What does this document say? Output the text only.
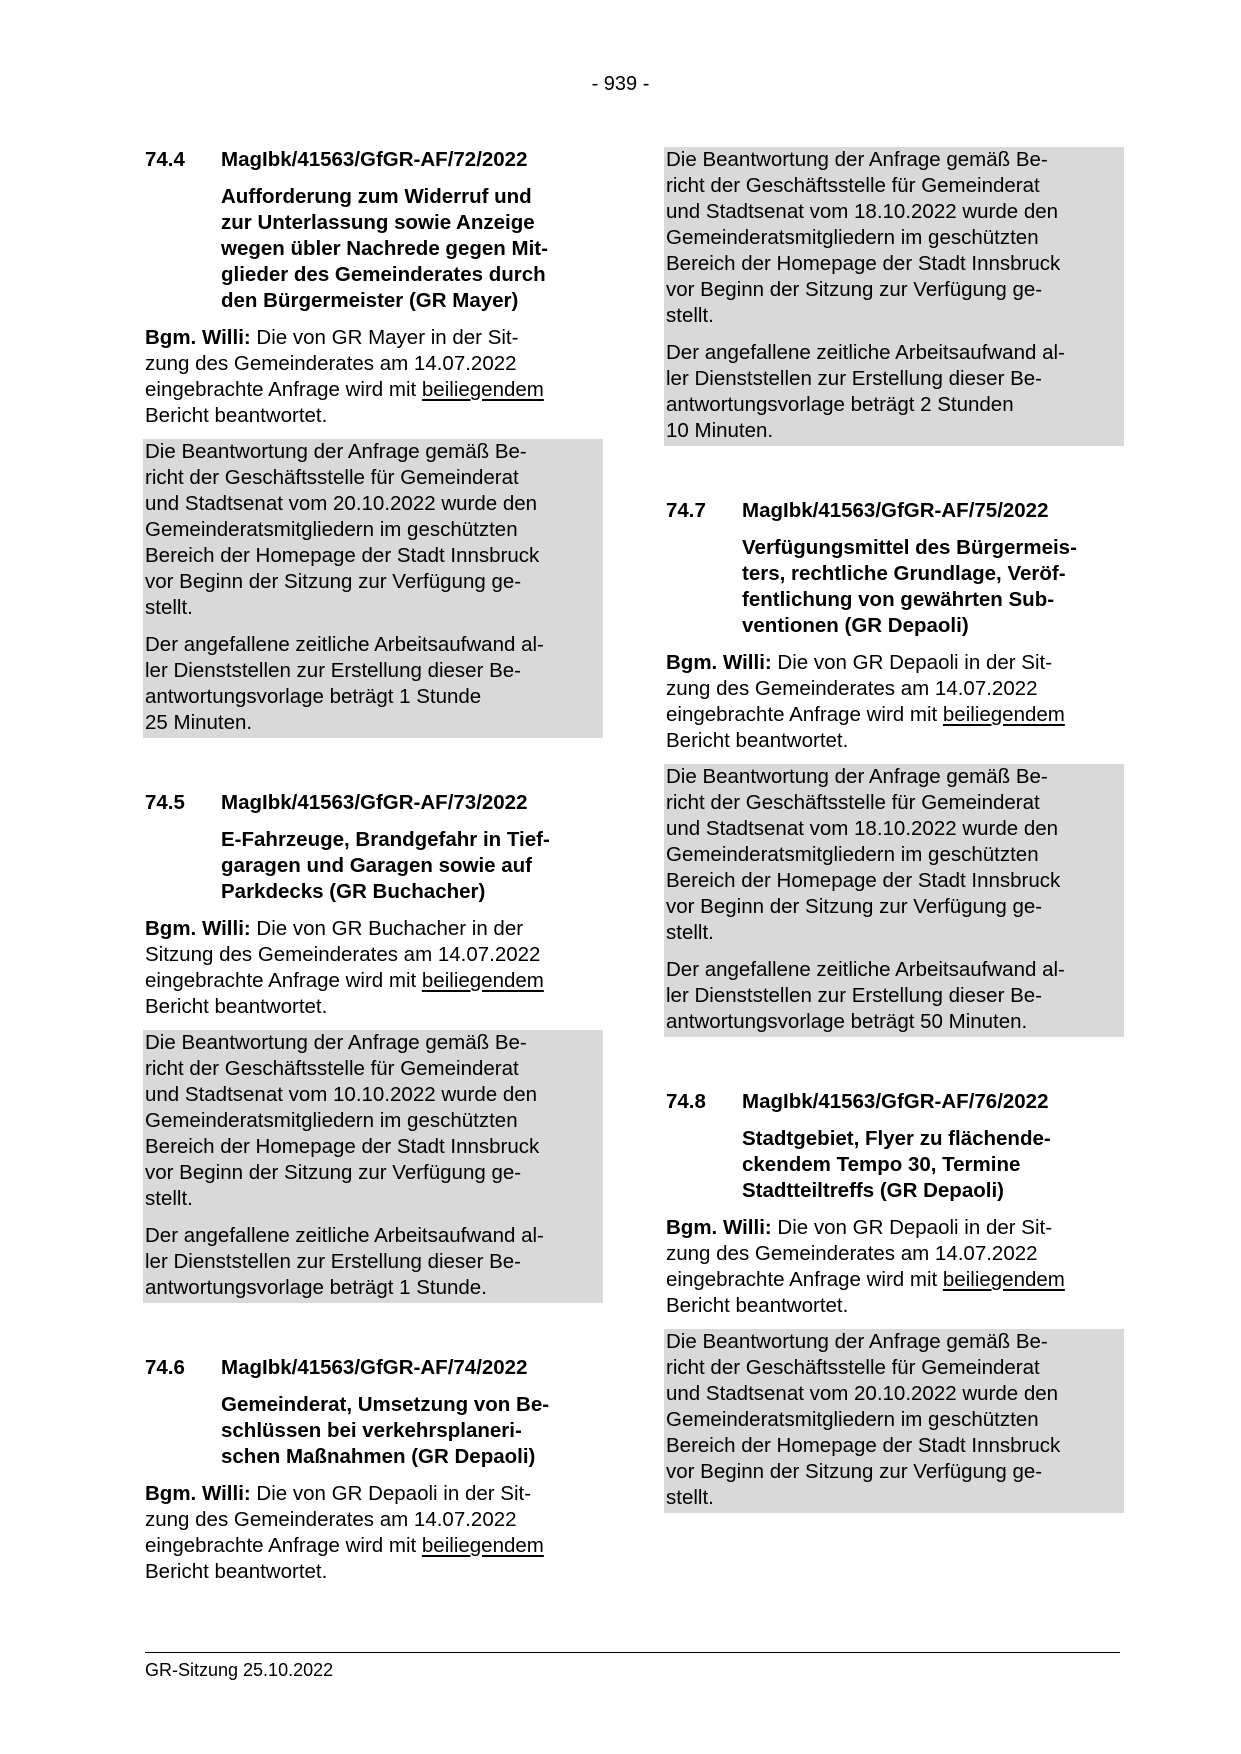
- 939 -
74.4	MagIbk/41563/GfGR-AF/72/2022
Aufforderung zum Widerruf und
zur Unterlassung sowie Anzeige
wegen übler Nachrede gegen Mit-
glieder des Gemeinderates durch
den Bürgermeister (GR Mayer)
Bgm. Willi: Die von GR Mayer in der Sit-
zung des Gemeinderates am 14.07.2022
eingebrachte Anfrage wird mit beiliegendem
Bericht beantwortet.
Die Beantwortung der Anfrage gemäß Be-
richt der Geschäftsstelle für Gemeinderat
und Stadtsenat vom 20.10.2022 wurde den
Gemeinderatsmitgliedern im geschützten
Bereich der Homepage der Stadt Innsbruck
vor Beginn der Sitzung zur Verfügung ge-
stellt.
Der angefallene zeitliche Arbeitsaufwand al-
ler Dienststellen zur Erstellung dieser Be-
antwortungsvorlage beträgt 1 Stunde
25 Minuten.
74.5	MagIbk/41563/GfGR-AF/73/2022
E-Fahrzeuge, Brandgefahr in Tief-
garagen und Garagen sowie auf
Parkdecks (GR Buchacher)
Bgm. Willi: Die von GR Buchacher in der
Sitzung des Gemeinderates am 14.07.2022
eingebrachte Anfrage wird mit beiliegendem
Bericht beantwortet.
Die Beantwortung der Anfrage gemäß Be-
richt der Geschäftsstelle für Gemeinderat
und Stadtsenat vom 10.10.2022 wurde den
Gemeinderatsmitgliedern im geschützten
Bereich der Homepage der Stadt Innsbruck
vor Beginn der Sitzung zur Verfügung ge-
stellt.
Der angefallene zeitliche Arbeitsaufwand al-
ler Dienststellen zur Erstellung dieser Be-
antwortungsvorlage beträgt 1 Stunde.
74.6	MagIbk/41563/GfGR-AF/74/2022
Gemeinderat, Umsetzung von Be-
schlüssen bei verkehrsplaneri-
schen Maßnahmen (GR Depaoli)
Bgm. Willi: Die von GR Depaoli in der Sit-
zung des Gemeinderates am 14.07.2022
eingebrachte Anfrage wird mit beiliegendem
Bericht beantwortet.
Die Beantwortung der Anfrage gemäß Be-
richt der Geschäftsstelle für Gemeinderat
und Stadtsenat vom 18.10.2022 wurde den
Gemeinderatsmitgliedern im geschützten
Bereich der Homepage der Stadt Innsbruck
vor Beginn der Sitzung zur Verfügung ge-
stellt.
Der angefallene zeitliche Arbeitsaufwand al-
ler Dienststellen zur Erstellung dieser Be-
antwortungsvorlage beträgt 2 Stunden
10 Minuten.
74.7	MagIbk/41563/GfGR-AF/75/2022
Verfügungsmittel des Bürgermeis-
ters, rechtliche Grundlage, Veröf-
fentlichung von gewährten Sub-
ventionen (GR Depaoli)
Bgm. Willi: Die von GR Depaoli in der Sit-
zung des Gemeinderates am 14.07.2022
eingebrachte Anfrage wird mit beiliegendem
Bericht beantwortet.
Die Beantwortung der Anfrage gemäß Be-
richt der Geschäftsstelle für Gemeinderat
und Stadtsenat vom 18.10.2022 wurde den
Gemeinderatsmitgliedern im geschützten
Bereich der Homepage der Stadt Innsbruck
vor Beginn der Sitzung zur Verfügung ge-
stellt.
Der angefallene zeitliche Arbeitsaufwand al-
ler Dienststellen zur Erstellung dieser Be-
antwortungsvorlage beträgt 50 Minuten.
74.8	MagIbk/41563/GfGR-AF/76/2022
Stadtgebiet, Flyer zu flächende-
ckendem Tempo 30, Termine
Stadtteiltreffs (GR Depaoli)
Bgm. Willi: Die von GR Depaoli in der Sit-
zung des Gemeinderates am 14.07.2022
eingebrachte Anfrage wird mit beiliegendem
Bericht beantwortet.
Die Beantwortung der Anfrage gemäß Be-
richt der Geschäftsstelle für Gemeinderat
und Stadtsenat vom 20.10.2022 wurde den
Gemeinderatsmitgliedern im geschützten
Bereich der Homepage der Stadt Innsbruck
vor Beginn der Sitzung zur Verfügung ge-
stellt.
GR-Sitzung 25.10.2022
